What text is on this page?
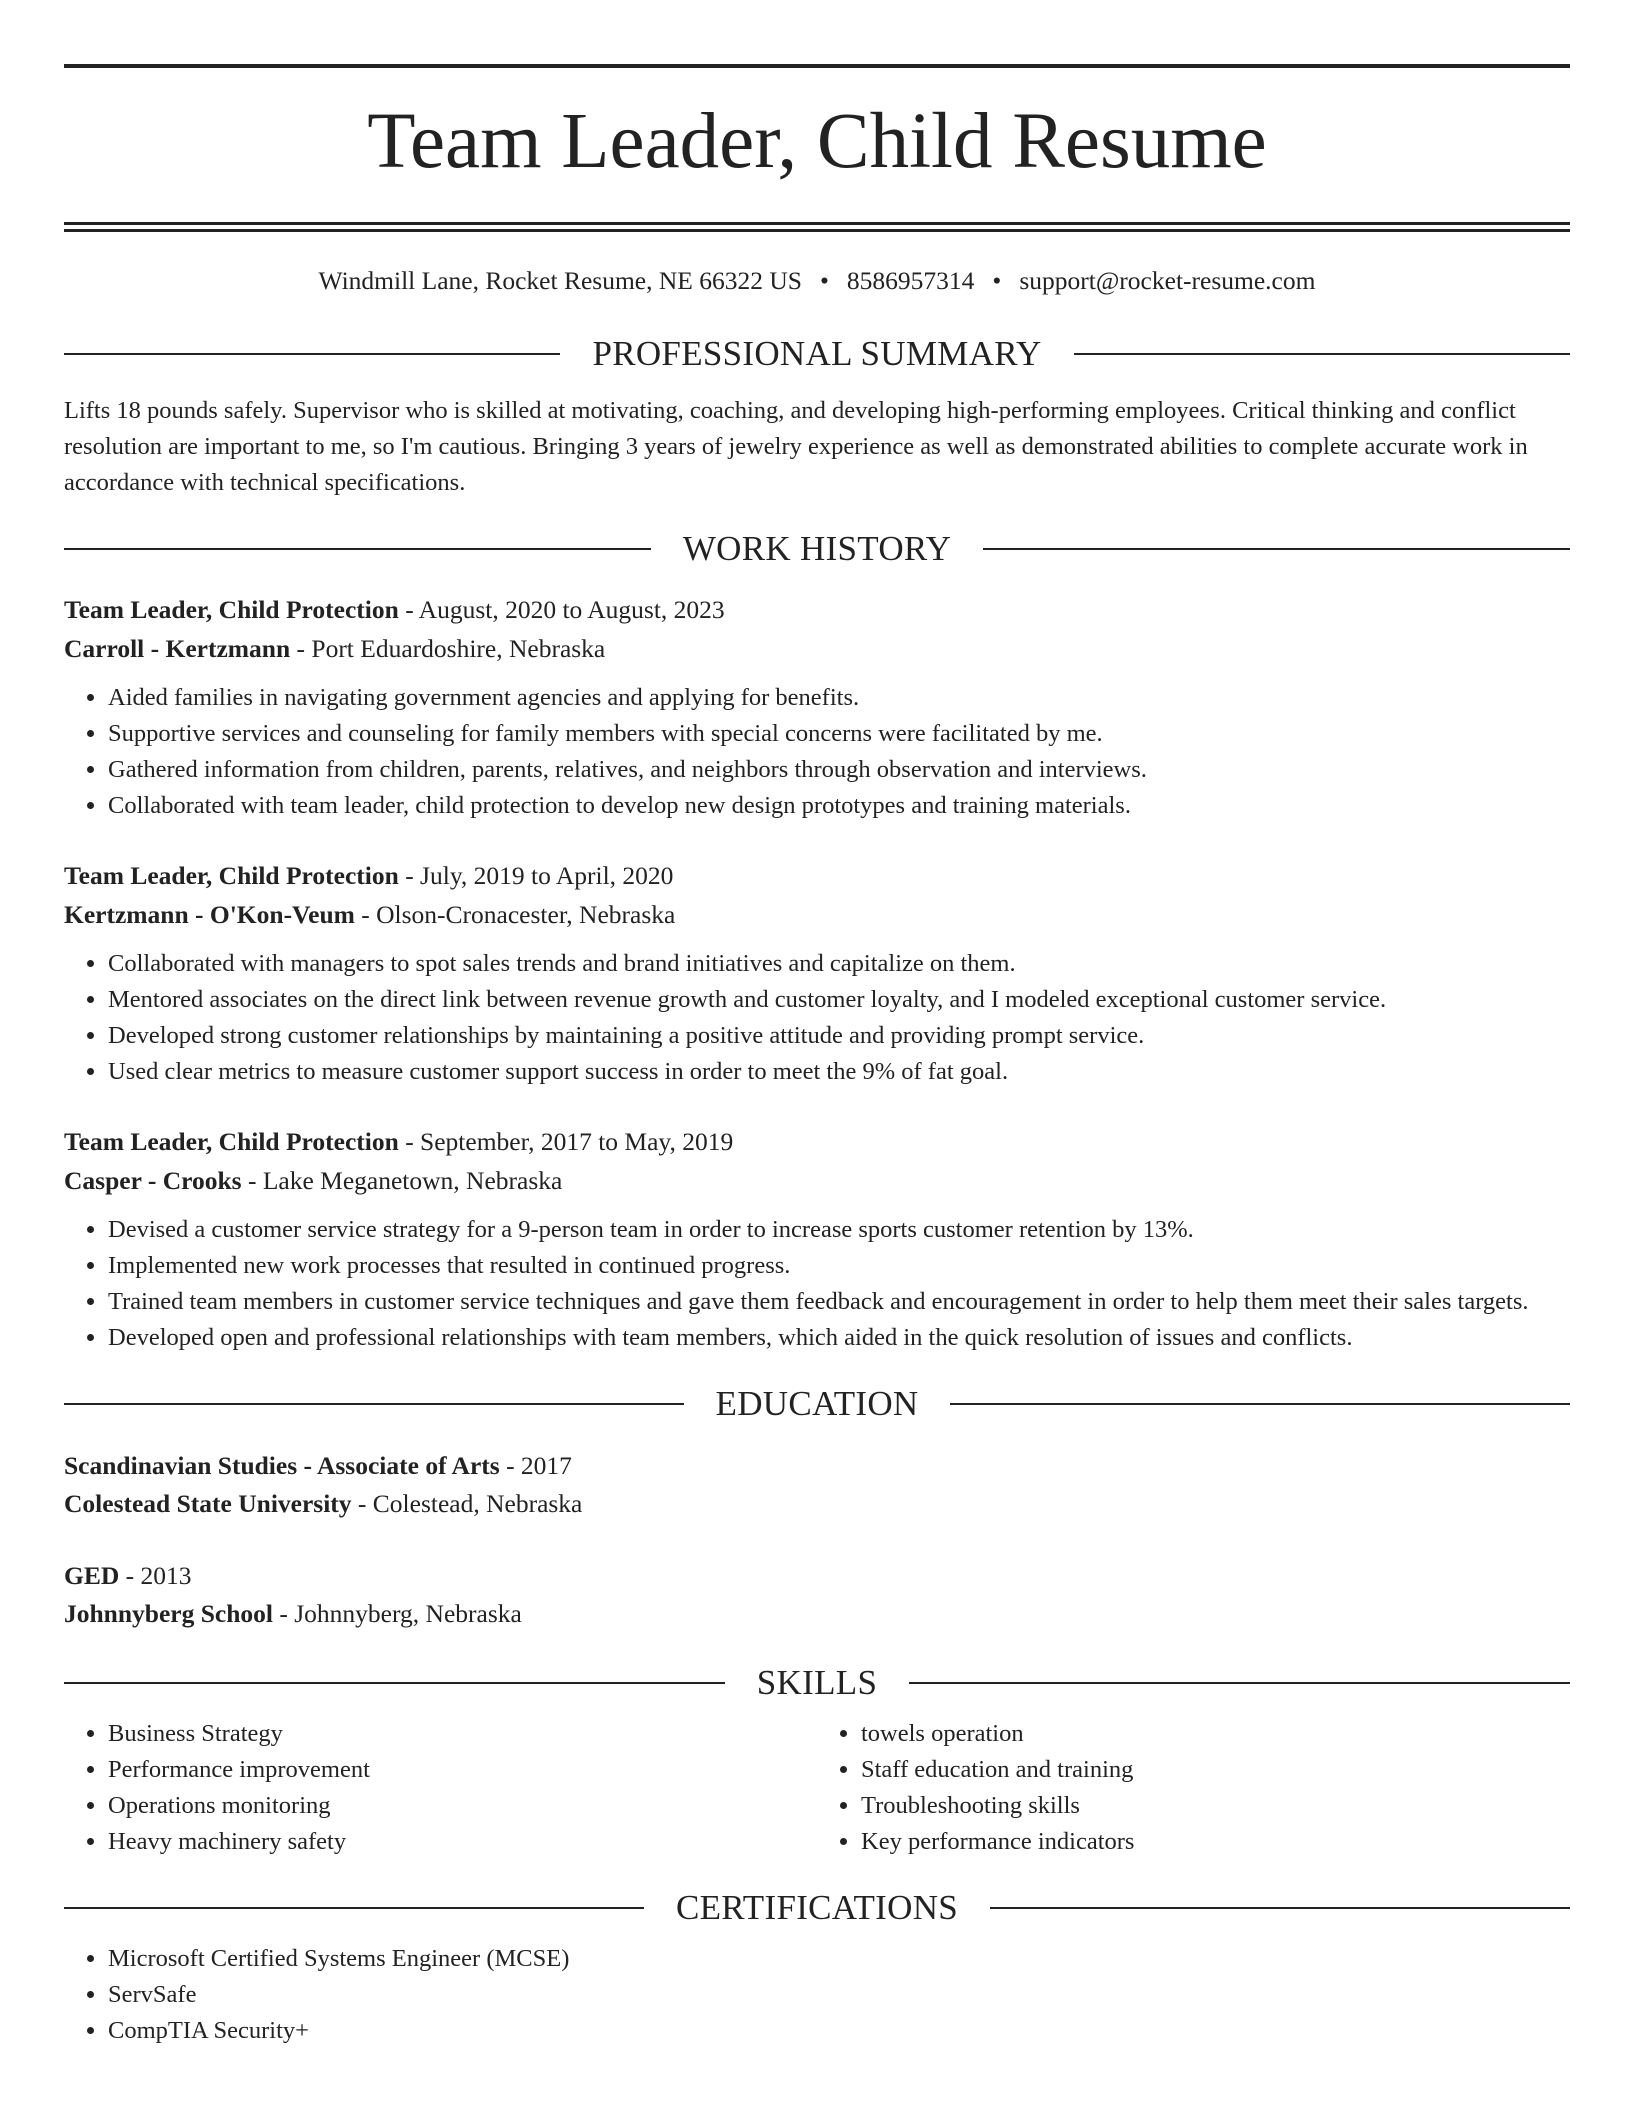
Team Leader, Child Resume
Windmill Lane, Rocket Resume, NE 66322 US • 8586957314 • support@rocket-resume.com
PROFESSIONAL SUMMARY

Lifts 18 pounds safely. Supervisor who is skilled at motivating, coaching, and developing high-performing employees. Critical thinking and conflict resolution are important to me, so I'm cautious. Bringing 3 years of jewelry experience as well as demonstrated abilities to complete accurate work in accordance with technical specifications.

WORK HISTORY
Team Leader, Child Protection - August, 2020 to August, 2023
Carroll - Kertzmann - Port Eduardoshire, Nebraska
• Aided families in navigating government agencies and applying for benefits.
• Supportive services and counseling for family members with special concerns were facilitated by me.
• Gathered information from children, parents, relatives, and neighbors through observation and interviews.
• Collaborated with team leader, child protection to develop new design prototypes and training materials.
Team Leader, Child Protection - July, 2019 to April, 2020
Kertzmann - O'Kon-Veum - Olson-Cronacester, Nebraska
• Collaborated with managers to spot sales trends and brand initiatives and capitalize on them.
• Mentored associates on the direct link between revenue growth and customer loyalty, and I modeled exceptional customer service.
• Developed strong customer relationships by maintaining a positive attitude and providing prompt service.
• Used clear metrics to measure customer support success in order to meet the 9% of fat goal.
Team Leader, Child Protection - September, 2017 to May, 2019
Casper - Crooks - Lake Meganetown, Nebraska
• Devised a customer service strategy for a 9-person team in order to increase sports customer retention by 13%.
• Implemented new work processes that resulted in continued progress.
• Trained team members in customer service techniques and gave them feedback and encouragement in order to help them meet their sales targets.
• Developed open and professional relationships with team members, which aided in the quick resolution of issues and conflicts.
EDUCATION
Scandinavian Studies - Associate of Arts - 2017
Colestead State University - Colestead, Nebraska
GED - 2013
Johnnyberg School - Johnnyberg, Nebraska
SKILLS
• Business Strategy
• Performance improvement
• Operations monitoring
• Heavy machinery safety
• towels operation
• Staff education and training
• Troubleshooting skills
• Key performance indicators
CERTIFICATIONS
• Microsoft Certified Systems Engineer (MCSE)
• ServSafe
• CompTIA Security+
